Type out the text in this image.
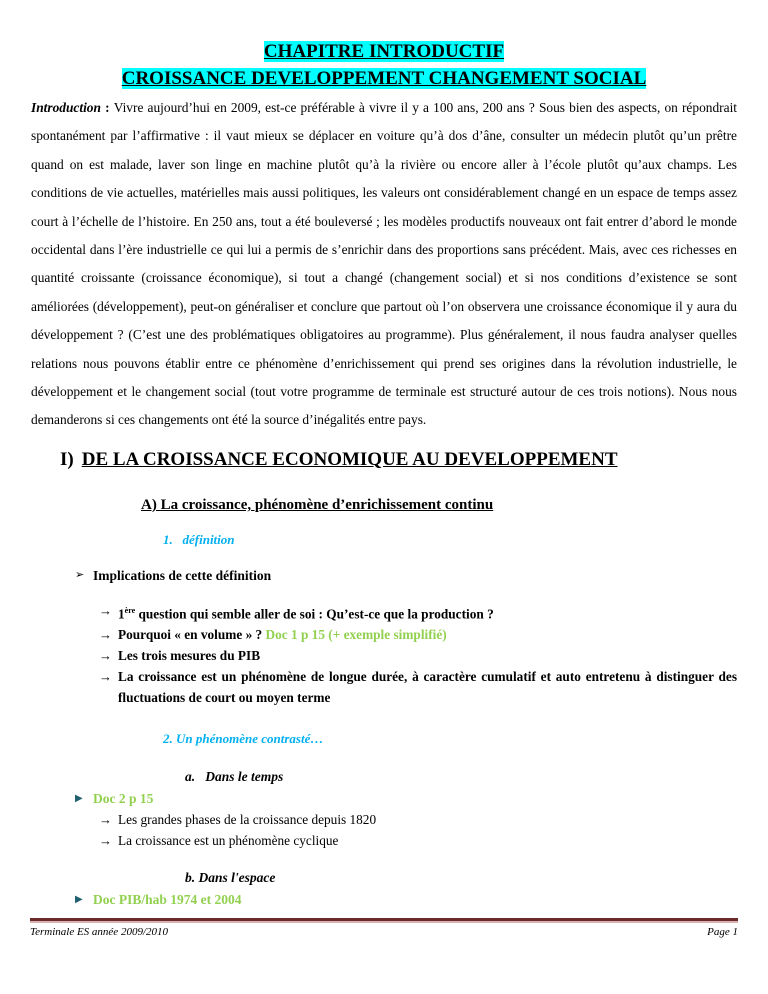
CHAPITRE INTRODUCTIF
CROISSANCE DEVELOPPEMENT CHANGEMENT SOCIAL
Introduction : Vivre aujourd’hui en 2009, est-ce préférable à vivre il y a 100 ans, 200 ans ? Sous bien des aspects, on répondrait spontanément par l’affirmative : il vaut mieux se déplacer en voiture qu’à dos d’âne, consulter un médecin plutôt qu’un prêtre quand on est malade, laver son linge en machine plutôt qu’à la rivière ou encore aller à l’école plutôt qu’aux champs. Les conditions de vie actuelles, matérielles mais aussi politiques, les valeurs ont considérablement changé en un espace de temps assez court à l’échelle de l’histoire. En 250 ans, tout a été bouleversé ; les modèles productifs nouveaux ont fait entrer d’abord le monde occidental dans l’ère industrielle ce qui lui a permis de s’enrichir dans des proportions sans précédent. Mais, avec ces richesses en quantité croissante (croissance économique), si tout a changé (changement social) et si nos conditions d’existence se sont améliorées (développement), peut-on généraliser et conclure que partout où l’on observera une croissance économique il y aura du développement ? (C’est une des problématiques obligatoires au programme). Plus généralement, il nous faudra analyser quelles relations nous pouvons établir entre ce phénomène d’enrichissement qui prend ses origines dans la révolution industrielle, le développement et le changement social (tout votre programme de terminale est structuré autour de ces trois notions). Nous nous demanderons si ces changements ont été la source d’inégalités entre pays.
I) DE LA CROISSANCE ECONOMIQUE AU DEVELOPPEMENT
A) La croissance, phénomène d’enrichissement continu
1. définition
➢ Implications de cette définition
→ 1ère question qui semble aller de soi : Qu’est-ce que la production ?
→ Pourquoi « en volume » ? Doc 1 p 15 (+ exemple simplifié)
→ Les trois mesures du PIB
→ La croissance est un phénomène de longue durée, à caractère cumulatif et auto entretenu à distinguer des fluctuations de court ou moyen terme
2. Un phénomène contrasté…
a. Dans le temps
▶ Doc 2 p 15
→ Les grandes phases de la croissance depuis 1820
→ La croissance est un phénomène cyclique
b. Dans l'espace
▶ Doc PIB/hab 1974 et 2004
Terminale ES année 2009/2010	Page 1
